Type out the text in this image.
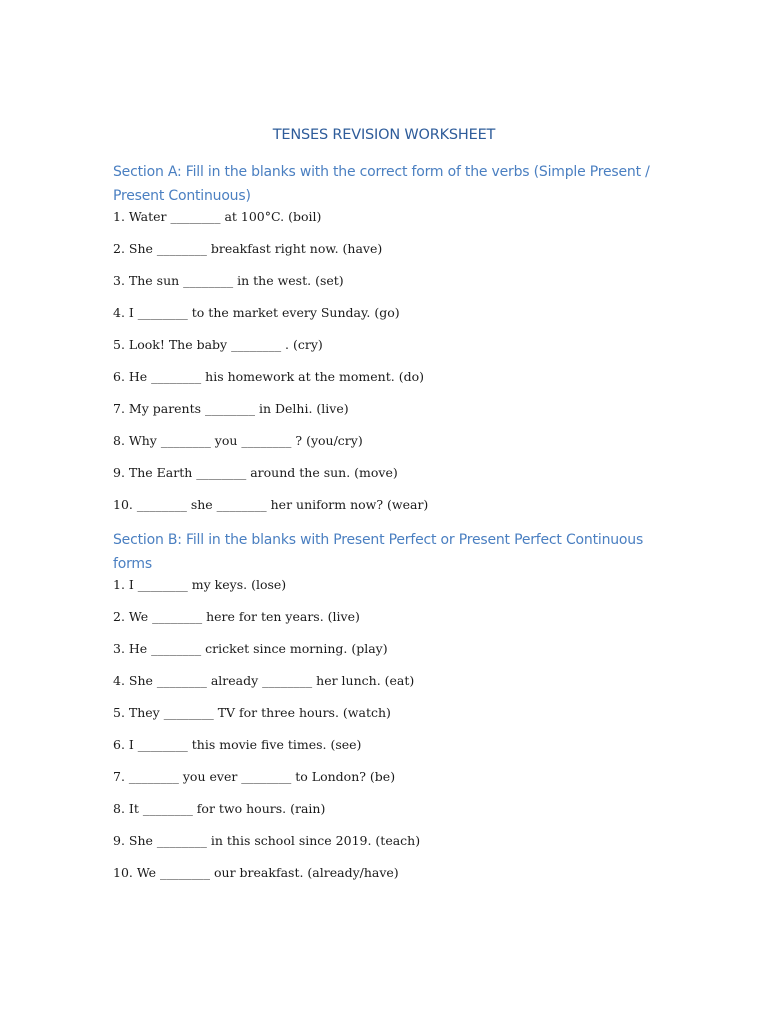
TENSES REVISION WORKSHEET
Section A: Fill in the blanks with the correct form of the verbs (Simple Present / Present Continuous)
1. Water ________ at 100°C. (boil)
2. She ________ breakfast right now. (have)
3. The sun ________ in the west. (set)
4. I ________ to the market every Sunday. (go)
5. Look! The baby ________ . (cry)
6. He ________ his homework at the moment. (do)
7. My parents ________ in Delhi. (live)
8. Why ________ you ________ ? (you/cry)
9. The Earth ________ around the sun. (move)
10. ________ she ________ her uniform now? (wear)
Section B: Fill in the blanks with Present Perfect or Present Perfect Continuous forms
1. I ________ my keys. (lose)
2. We ________ here for ten years. (live)
3. He ________ cricket since morning. (play)
4. She ________ already ________ her lunch. (eat)
5. They ________ TV for three hours. (watch)
6. I ________ this movie five times. (see)
7. ________ you ever ________ to London? (be)
8. It ________ for two hours. (rain)
9. She ________ in this school since 2019. (teach)
10. We ________ our breakfast. (already/have)
